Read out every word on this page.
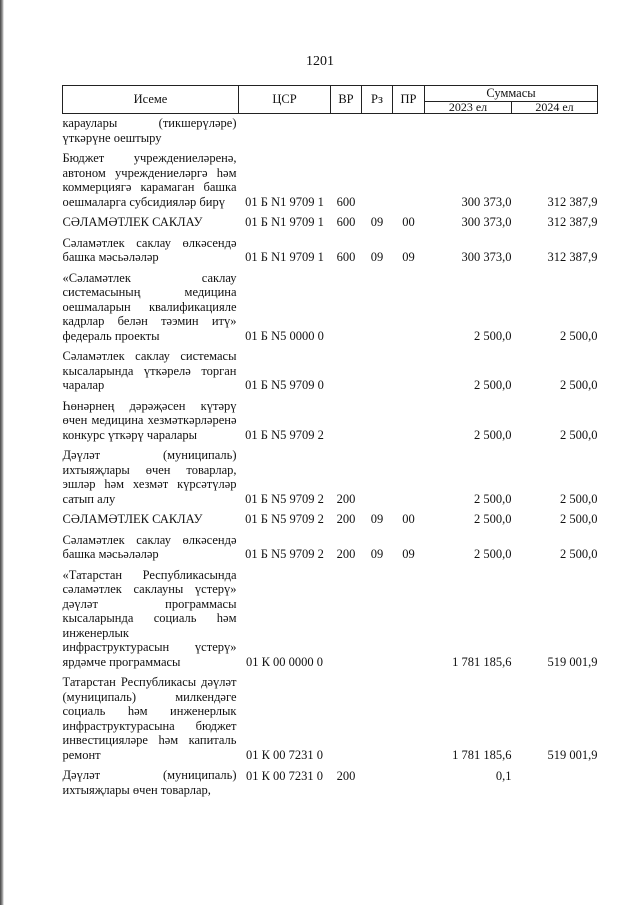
1201
Исеме	ЦСР	ВР	Рз	ПР	Суммасы	
					2023 ел	2024 ел
караулары (тикшерүләре) үткәрүне оештыру						
Бюджет учреждениеләренә, автоном учреждениеләргә һәм коммерциягә карамаган башка оешмаларга субсидияләр бирү	01 Б N1 9709 1	600			300 373,0	312 387,9
СӘЛАМӘТЛЕК САКЛАУ	01 Б N1 9709 1	600	09	00	300 373,0	312 387,9
Сәламәтлек саклау өлкәсендә башка мәсьәләләр	01 Б N1 9709 1	600	09	09	300 373,0	312 387,9
«Сәламәтлек саклау системасының медицина оешмаларын квалификацияле кадрлар белән тәэмин итү» федераль проекты	01 Б N5 0000 0				2 500,0	2 500,0
Сәламәтлек саклау системасы кысаларында үткәрелә торган чаралар	01 Б N5 9709 0				2 500,0	2 500,0
Һөнәрнең дәрәҗәсен күтәрү өчен медицина хезмәткәрләренә конкурс үткәрү чаралары	01 Б N5 9709 2				2 500,0	2 500,0
Дәүләт (муниципаль) ихтыяҗлары өчен товарлар, эшләр һәм хезмәт күрсәтүләр сатып алу	01 Б N5 9709 2	200			2 500,0	2 500,0
СӘЛАМӘТЛЕК САКЛАУ	01 Б N5 9709 2	200	09	00	2 500,0	2 500,0
Сәламәтлек саклау өлкәсендә башка мәсьәләләр	01 Б N5 9709 2	200	09	09	2 500,0	2 500,0
«Татарстан Республикасында сәламәтлек саклауны үстерү» дәүләт программасы кысаларында социаль һәм инженерлык инфраструктурасын үстерү» ярдәмче программасы	01 К 00 0000 0				1 781 185,6	519 001,9
Татарстан Республикасы дәүләт (муниципаль) милкендәге социаль һәм инженерлык инфраструктурасына бюджет инвестицияләре һәм капиталь ремонт	01 К 00 7231 0				1 781 185,6	519 001,9
Дәүләт (муниципаль) ихтыяҗлары өчен товарлар,	01 К 00 7231 0	200			0,1	
